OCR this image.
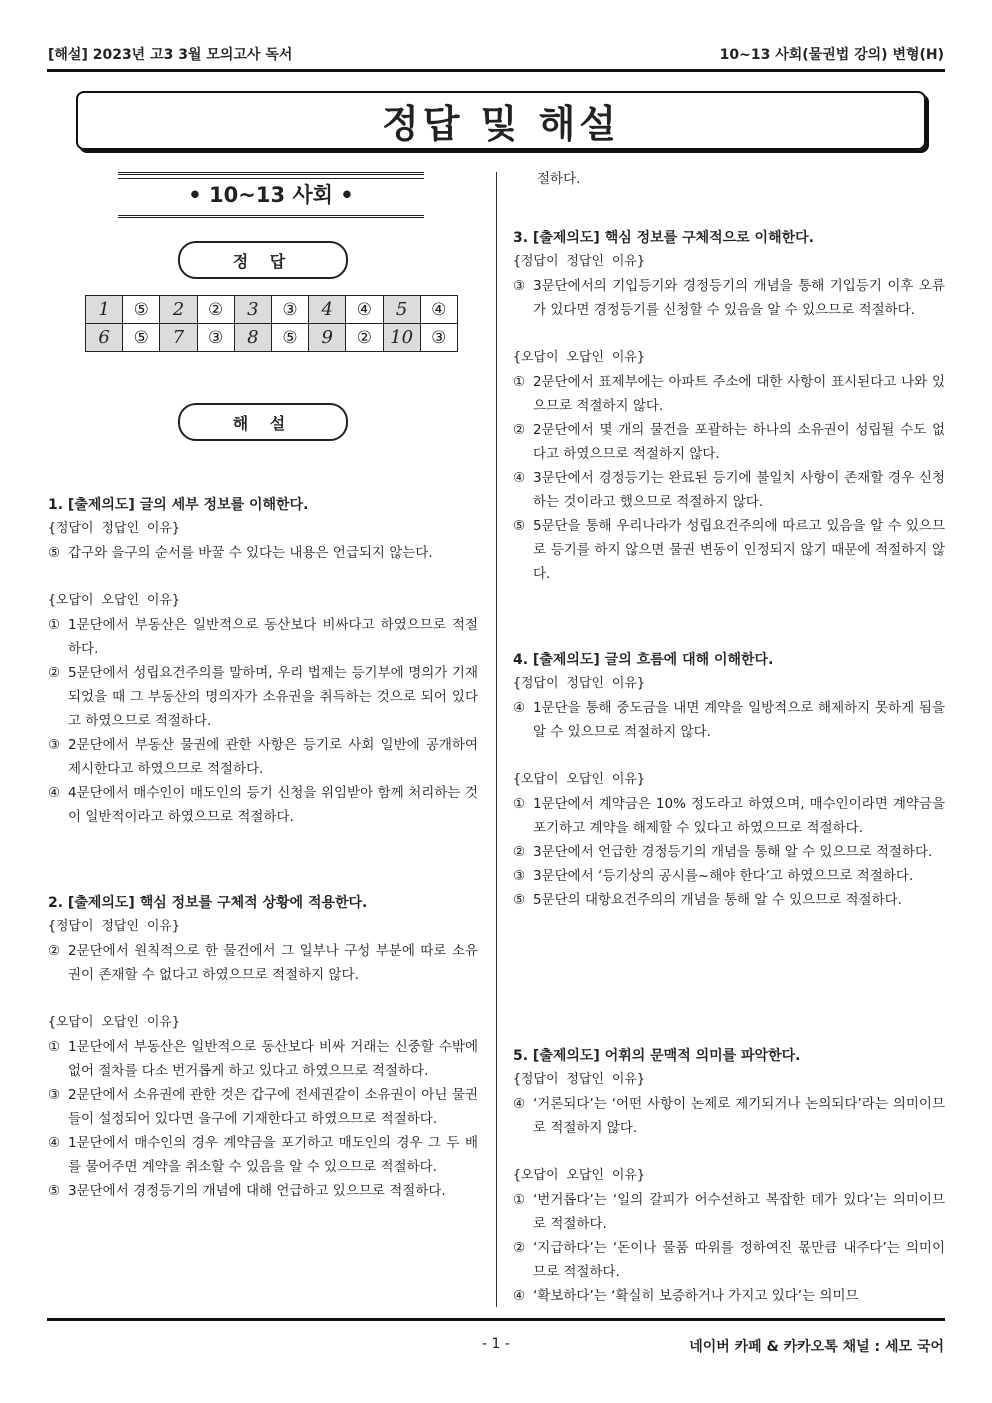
[해설] 2023년 고3 3월 모의고사 독서	10~13 사회(물권법 강의) 변형(H)
정답 및 해설
• 10~13 사회 •
정 답
1	⑤	2	②	3	③	4	④	5	④
6	⑤	7	③	8	⑤	9	②	10	③
해 설
1. [출제의도] 글의 세부 정보를 이해한다.
{정답이 정답인 이유}
⑤ 갑구와 을구의 순서를 바꿀 수 있다는 내용은 언급되지 않는다.
{오답이 오답인 이유}
① 1문단에서 부동산은 일반적으로 동산보다 비싸다고 하였으므로 적절하다.
② 5문단에서 성립요건주의를 말하며, 우리 법제는 등기부에 명의가 기재되었을 때 그 부동산의 명의자가 소유권을 취득하는 것으로 되어 있다고 하였으므로 적절하다.
③ 2문단에서 부동산 물권에 관한 사항은 등기로 사회 일반에 공개하여 제시한다고 하였으므로 적절하다.
④ 4문단에서 매수인이 매도인의 등기 신청을 위임받아 함께 처리하는 것이 일반적이라고 하였으므로 적절하다.
2. [출제의도] 핵심 정보를 구체적 상황에 적용한다.
{정답이 정답인 이유}
② 2문단에서 원칙적으로 한 물건에서 그 일부나 구성 부분에 따로 소유권이 존재할 수 없다고 하였으므로 적절하지 않다.
{오답이 오답인 이유}
① 1문단에서 부동산은 일반적으로 동산보다 비싸 거래는 신중할 수밖에 없어 절차를 다소 번거롭게 하고 있다고 하였으므로 적절하다.
③ 2문단에서 소유권에 관한 것은 갑구에 전세권같이 소유권이 아닌 물권들이 설정되어 있다면 을구에 기재한다고 하였으므로 적절하다.
④ 1문단에서 매수인의 경우 계약금을 포기하고 매도인의 경우 그 두 배를 물어주면 계약을 취소할 수 있음을 알 수 있으므로 적절하다.
⑤ 3문단에서 경정등기의 개념에 대해 언급하고 있으므로 적절하다.
절하다.
3. [출제의도] 핵심 정보를 구체적으로 이해한다.
{정답이 정답인 이유}
③ 3문단에서의 기입등기와 경정등기의 개념을 통해 기입등기 이후 오류가 있다면 경정등기를 신청할 수 있음을 알 수 있으므로 적절하다.
{오답이 오답인 이유}
① 2문단에서 표제부에는 아파트 주소에 대한 사항이 표시된다고 나와 있으므로 적절하지 않다.
② 2문단에서 몇 개의 물건을 포괄하는 하나의 소유권이 성립될 수도 없다고 하였으므로 적절하지 않다.
④ 3문단에서 경정등기는 완료된 등기에 불일치 사항이 존재할 경우 신청하는 것이라고 했으므로 적절하지 않다.
⑤ 5문단을 통해 우리나라가 성립요건주의에 따르고 있음을 알 수 있으므로 등기를 하지 않으면 물권 변동이 인정되지 않기 때문에 적절하지 않다.
4. [출제의도] 글의 흐름에 대해 이해한다.
{정답이 정답인 이유}
④ 1문단을 통해 중도금을 내면 계약을 일방적으로 해제하지 못하게 됨을 알 수 있으므로 적절하지 않다.
{오답이 오답인 이유}
① 1문단에서 계약금은 10% 정도라고 하였으며, 매수인이라면 계약금을 포기하고 계약을 해제할 수 있다고 하였으므로 적절하다.
② 3문단에서 언급한 경정등기의 개념을 통해 알 수 있으므로 적절하다.
③ 3문단에서 ‘등기상의 공시를~해야 한다’고 하였으므로 적절하다.
⑤ 5문단의 대항요건주의의 개념을 통해 알 수 있으므로 적절하다.
5. [출제의도] 어휘의 문맥적 의미를 파악한다.
{정답이 정답인 이유}
④ ‘거론되다’는 ‘어떤 사항이 논제로 제기되거나 논의되다’라는 의미이므로 적절하지 않다.
{오답이 오답인 이유}
① ‘번거롭다’는 ‘일의 갈피가 어수선하고 복잡한 데가 있다’는 의미이므로 적절하다.
② ‘지급하다’는 ‘돈이나 물품 따위를 정하여진 몫만큼 내주다’는 의미이므로 적절하다.
④ ‘확보하다’는 ‘확실히 보증하거나 가지고 있다’는 의미므
- 1 -	네이버 카페 & 카카오톡 채널 : 세모 국어
